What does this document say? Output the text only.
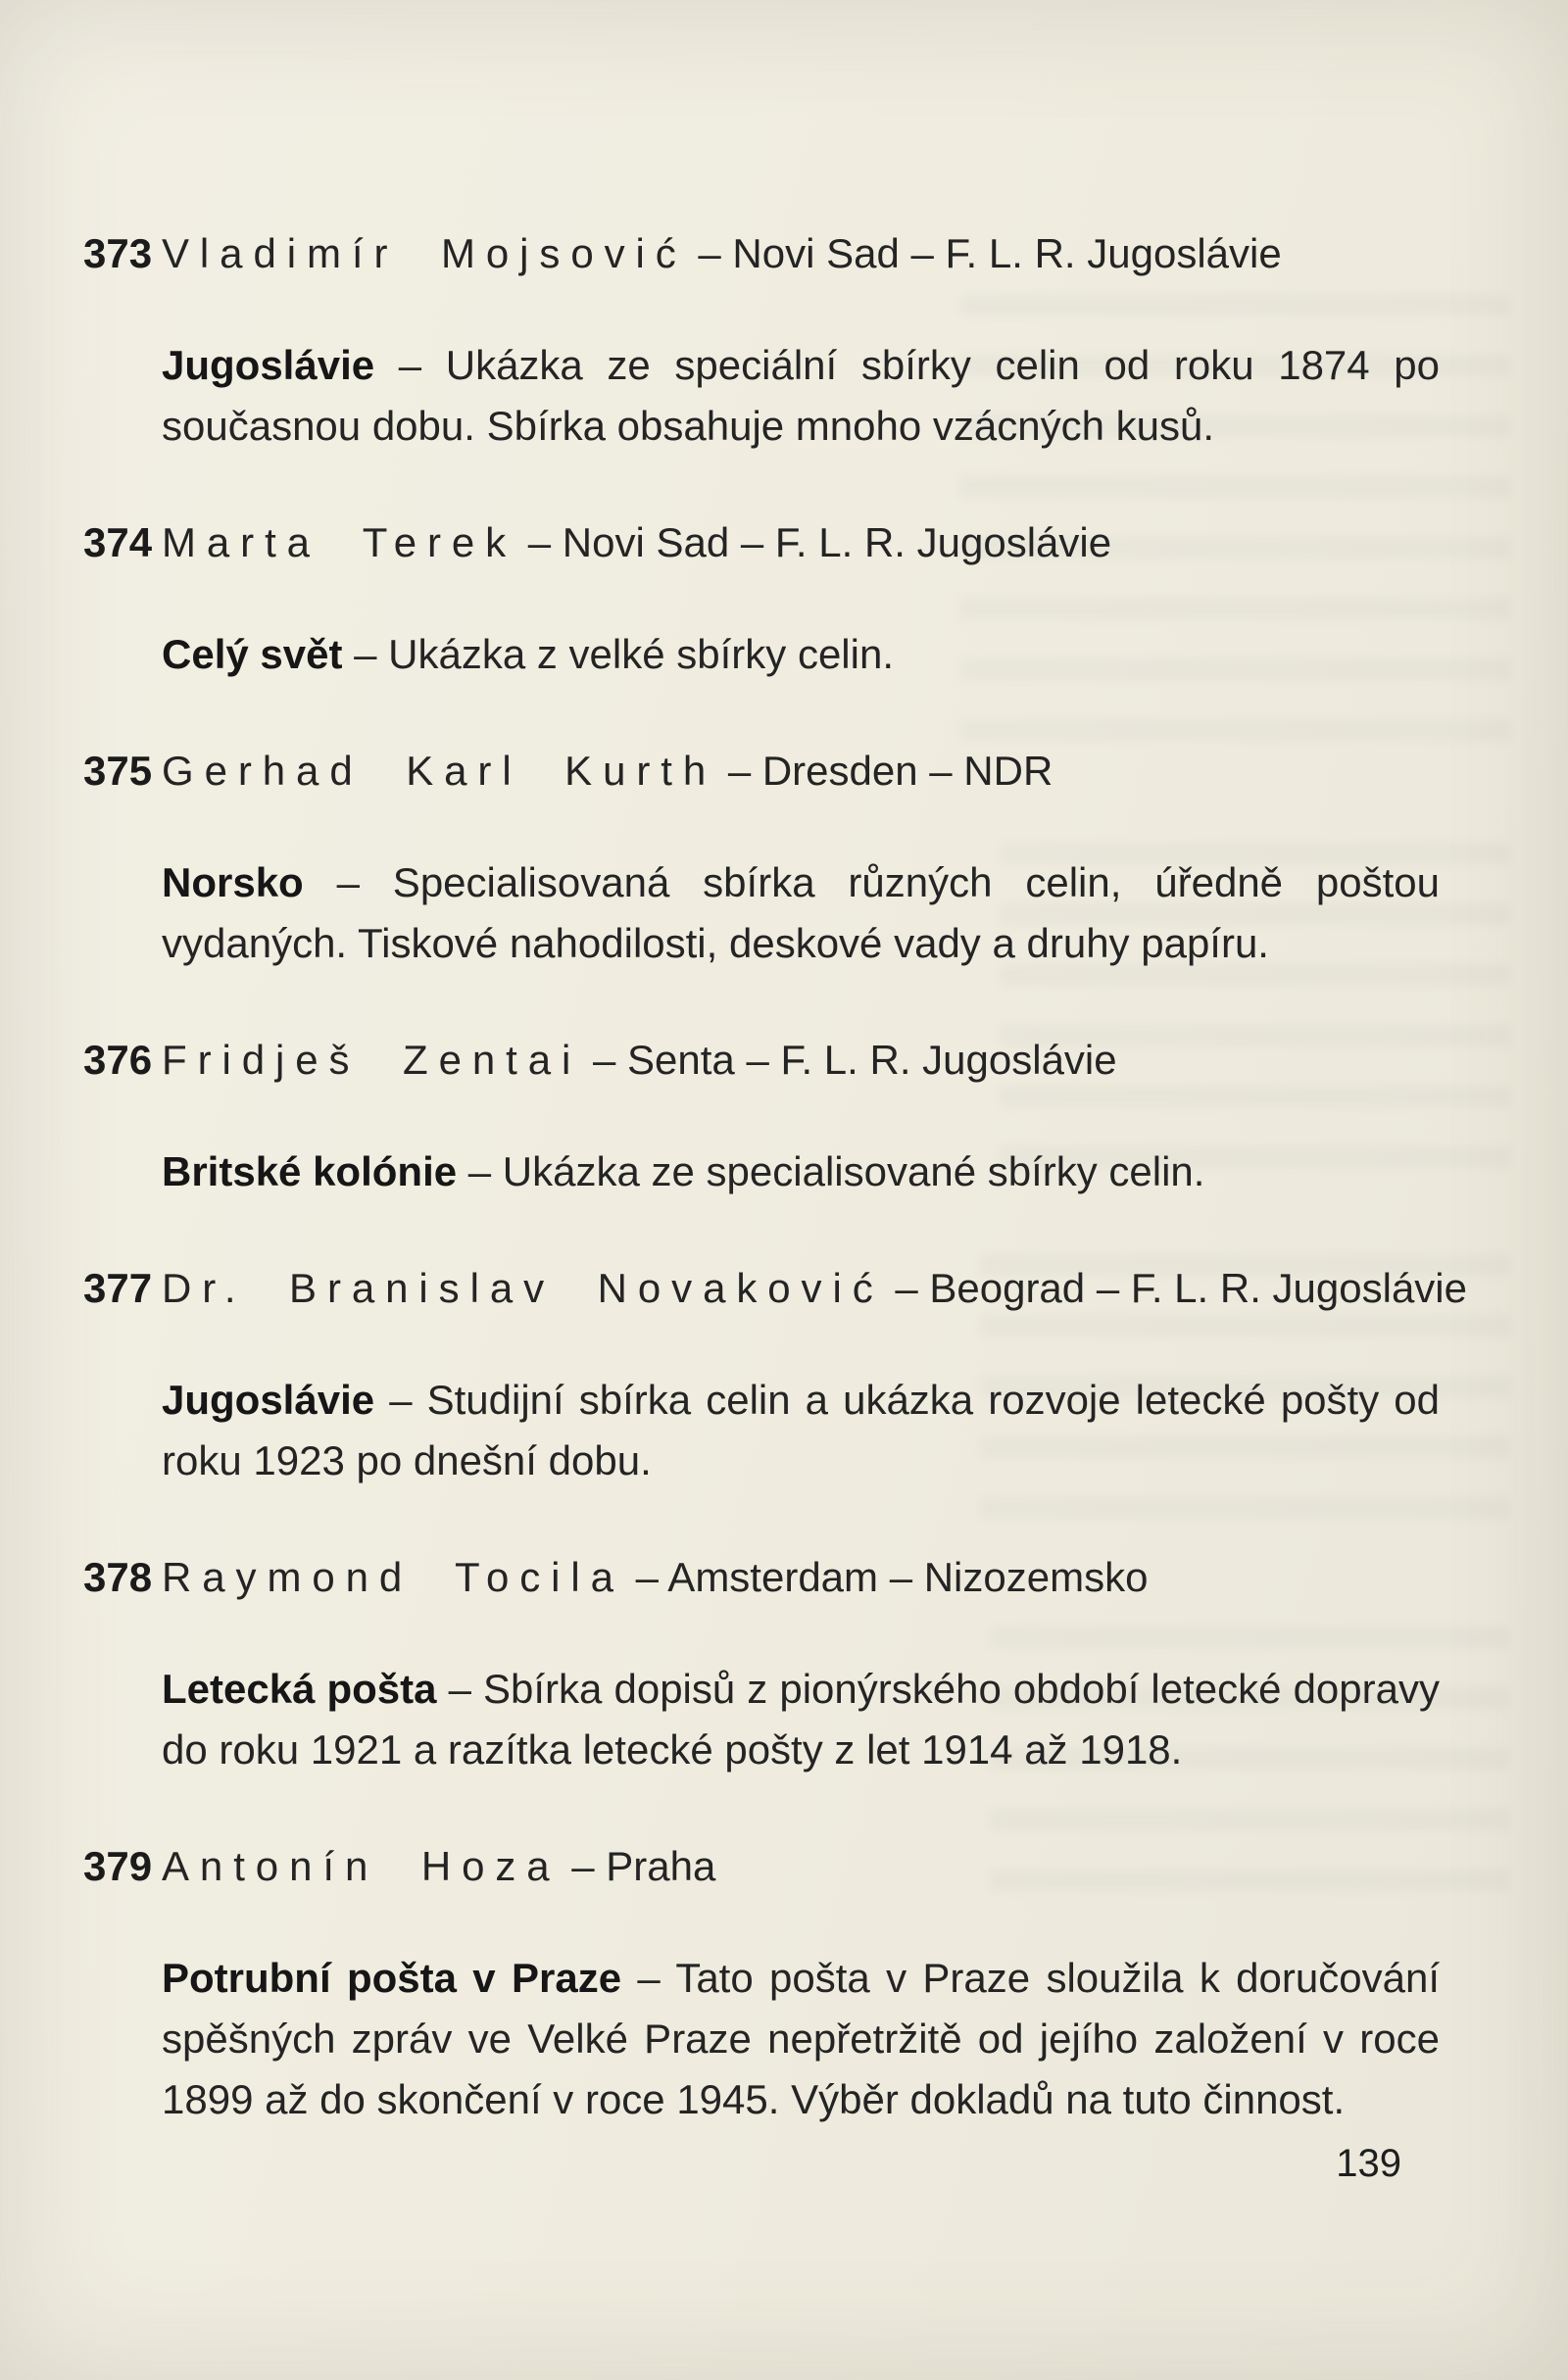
373 Vladimír Mojsović – Novi Sad – F. L. R. Jugoslávie

Jugoslávie – Ukázka ze speciální sbírky celin od roku 1874 po současnou dobu. Sbírka obsahuje mnoho vzácných kusů.

374 Marta Terek – Novi Sad – F. L. R. Jugoslávie

Celý svět – Ukázka z velké sbírky celin.

375 Gerhad Karl Kurth – Dresden – NDR

Norsko – Specialisovaná sbírka různých celin, úředně poštou vydaných. Tiskové nahodilosti, deskové vady a druhy papíru.

376 Fridješ Zentai – Senta – F. L. R. Jugoslávie

Britské kolónie – Ukázka ze specialisované sbírky celin.

377 Dr. Branislav Novaković – Beograd – F. L. R. Jugoslávie

Jugoslávie – Studijní sbírka celin a ukázka rozvoje letecké pošty od roku 1923 po dnešní dobu.

378 Raymond Tocila – Amsterdam – Nizozemsko

Letecká pošta – Sbírka dopisů z pionýrského období letecké dopravy do roku 1921 a razítka letecké pošty z let 1914 až 1918.

379 Antonín Hoza – Praha

Potrubní pošta v Praze – Tato pošta v Praze sloužila k doručování spěšných zpráv ve Velké Praze nepřetržitě od jejího založení v roce 1899 až do skončení v roce 1945. Výběr dokladů na tuto činnost.

139
